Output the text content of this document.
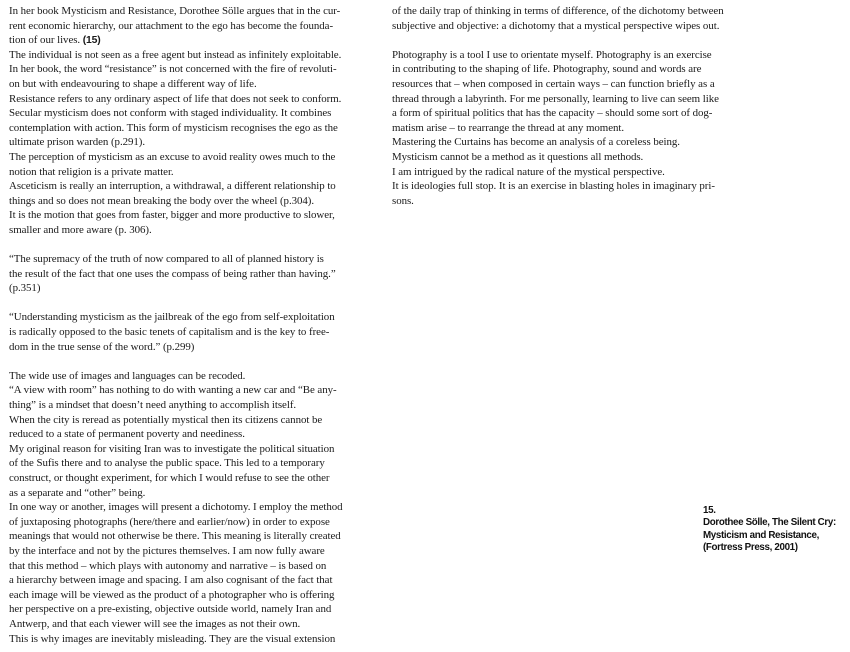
In her book Mysticism and Resistance, Dorothee Sölle argues that in the cur-
rent economic hierarchy, our attachment to the ego has become the founda-
tion of our lives. (15)
The individual is not seen as a free agent but instead as infinitely exploitable.
In her book, the word “resistance” is not concerned with the fire of revoluti-
on but with endeavouring to shape a different way of life.
Resistance refers to any ordinary aspect of life that does not seek to conform.
Secular mysticism does not conform with staged individuality. It combines
contemplation with action. This form of mysticism recognises the ego as the
ultimate prison warden (p.291).
The perception of mysticism as an excuse to avoid reality owes much to the
notion that religion is a private matter.
Asceticism is really an interruption, a withdrawal, a different relationship to
things and so does not mean breaking the body over the wheel (p.304).
It is the motion that goes from faster, bigger and more productive to slower,
smaller and more aware (p. 306).
“The supremacy of the truth of now compared to all of planned history is
the result of the fact that one uses the compass of being rather than having.”
(p.351)
“Understanding mysticism as the jailbreak of the ego from self-exploitation
is radically opposed to the basic tenets of capitalism and is the key to free-
dom in the true sense of the word.” (p.299)
The wide use of images and languages can be recoded.
“A view with room” has nothing to do with wanting a new car and “Be any-
thing” is a mindset that doesn’t need anything to accomplish itself.
When the city is reread as potentially mystical then its citizens cannot be
reduced to a state of permanent poverty and neediness.
My original reason for visiting Iran was to investigate the political situation
of the Sufis there and to analyse the public space. This led to a temporary
construct, or thought experiment, for which I would refuse to see the other
as a separate and “other” being.
In one way or another, images will present a dichotomy. I employ the method
of juxtaposing photographs (here/there and earlier/now) in order to expose
meanings that would not otherwise be there. This meaning is literally created
by the interface and not by the pictures themselves. I am now fully aware
that this method – which plays with autonomy and narrative – is based on
a hierarchy between image and spacing. I am also cognisant of the fact that
each image will be viewed as the product of a photographer who is offering
her perspective on a pre-existing, objective outside world, namely Iran and
Antwerp, and that each viewer will see the images as not their own.
This is why images are inevitably misleading. They are the visual extension
of the daily trap of thinking in terms of difference, of the dichotomy between
subjective and objective: a dichotomy that a mystical perspective wipes out.
Photography is a tool I use to orientate myself. Photography is an exercise
in contributing to the shaping of life. Photography, sound and words are
resources that – when composed in certain ways – can function briefly as a
thread through a labyrinth. For me personally, learning to live can seem like
a form of spiritual politics that has the capacity – should some sort of dog-
matism arise – to rearrange the thread at any moment.
Mastering the Curtains has become an analysis of a coreless being.
Mysticism cannot be a method as it questions all methods.
I am intrigued by the radical nature of the mystical perspective.
It is ideologies full stop. It is an exercise in blasting holes in imaginary pri-
sons.
15.
Dorothee Sölle, The Silent Cry:
Mysticism and Resistance,
(Fortress Press, 2001)
